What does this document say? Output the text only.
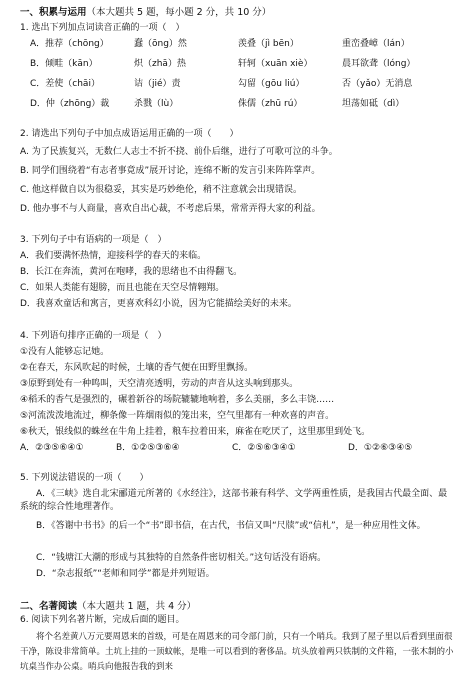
一、积累与运用（本大题共 5 题，每小题 2 分，共 10 分）
1. 选出下列加点词读音正确的一项（　）
A．推荐（chōng）	蠢（ōng）然	羡叠（jì bēn）	重峦叠嶂（lán）
B．倾畦（kān）	炽（zhā）热	轩轲（xuān xiè）	晨耳欲聋（lóng）
C．差使（chāi）	诘（jié）责	勾留（gōu liú）	否（yǎo）无消息
D．仲（zhōng）裁	杀戮（lù）	侏儒（zhū rú）	坦荡如砥（dì）
2. 请选出下列句子中加点成语运用正确的一项（　　）
A. 为了民族复兴，无数仁人志士不折不挠、前仆后继，进行了可歌可泣的斗争。
B. 同学们围绕着“有志者事竟成”展开讨论，连绵不断的发言引来阵阵掌声。
C. 他这样做自以为很稳妥，其实是巧妙绝伦，稍不注意就会出现错误。
D. 他办事不与人商量，喜欢自出心裁，不考虑后果，常常弄得大家的利益。
3. 下列句子中有语病的一项是（　）
A．我们要满怀热情，迎接科学的春天的来临。
B．长江在奔流，黄河在咆哮，我的思绪也不由得翻飞。
C．如果人类能有翅膀，而且也能在天空尽情翱翔。
D．我喜欢童话和寓言，更喜欢科幻小说，因为它能描绘美好的未来。
4. 下列语句排序正确的一项是（　）
①没有人能够忘记她。
②在春天，东风吹起的时候，土壤的香气便在田野里飘扬。
③原野到处有一种鸣叫，天空清亮透明，劳动的声音从这头响到那头。
④稻禾的香气是强烈的，碾着新谷的场院辘辘地响着，多么美丽，多么丰饶……
⑤河流泼泼地流过，柳条像一阵烟雨似的笼出来，空气里都有一种欢喜的声音。
⑥秋天，银线似的蛛丝在牛角上挂着，粮车拉着田来，麻雀在吃厌了，这里那里到处飞。
A．②③⑤⑥④①	B．①②⑤③⑥④	C．②⑤⑥③④①	D．①②⑥③④⑤
5. 下列说法错误的一项（　　）
A．《三峡》选自北宋郦道元所著的《水经注》，这部书兼有科学、文学两重性质，是我国古代最全面、最系统的综合性地理著作。
B．《答谢中书书》的后一个“书”即书信，在古代，书信又叫“尺牍”或“信札”，是一种应用性文体。
C．“钱塘江大潮的形成与其独特的自然条件密切相关。”这句话没有语病。
D．“杂志报纸”“老师和同学”都是并列短语。
二、名著阅读（本大题共 1 题，共 4 分）
6. 阅读下列名著片断，完成后面的题目。
将个名差黄八万元要周恩来的首级，可是在周恩来的司令部门前，只有一个哨兵。我到了屋子里以后看到里面很干净，陈设非常简单。土坑上挂的一顶蚊帐，是唯一可以看到的奢侈品。坑头放着两只铁制的文件箱，一张木制的小坑桌当作办公桌。哨兵向他报告我的到来
